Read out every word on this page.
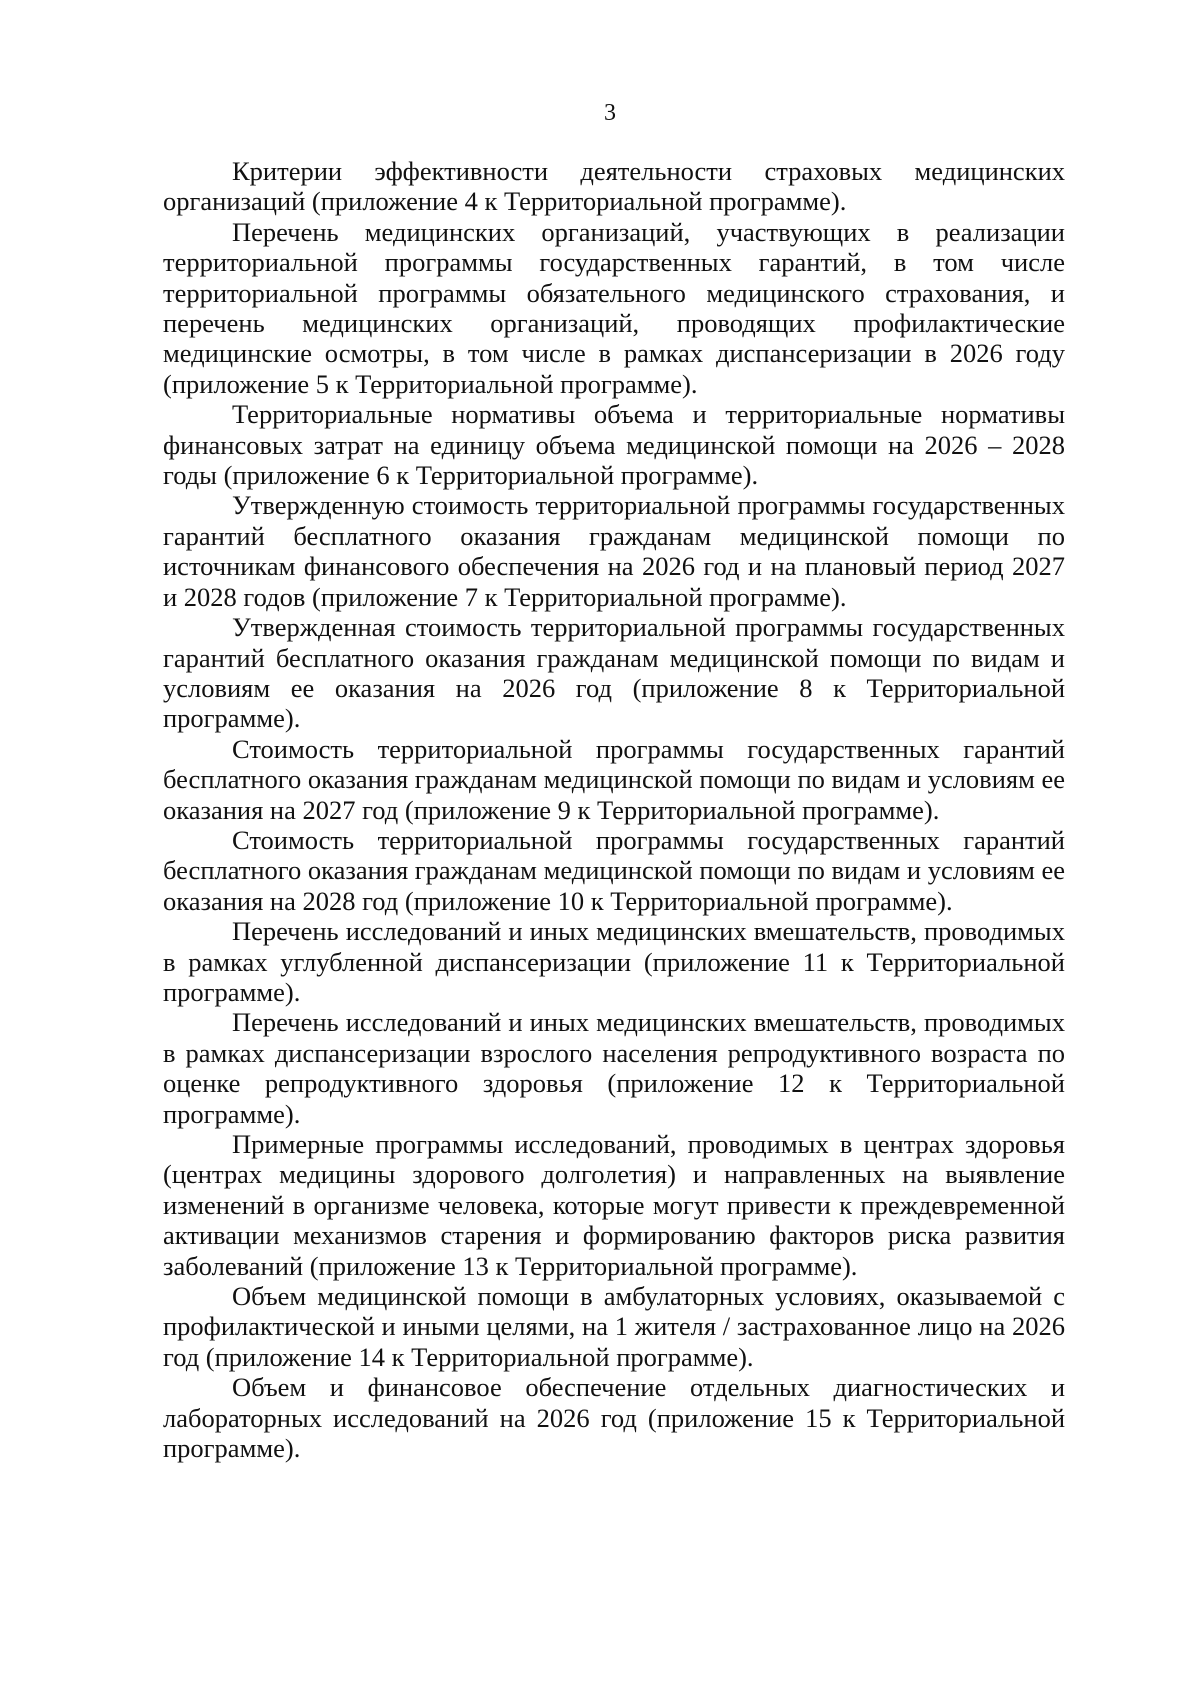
3

Критерии эффективности деятельности страховых медицинских организаций (приложение 4 к Территориальной программе).

Перечень медицинских организаций, участвующих в реализации территориальной программы государственных гарантий, в том числе территориальной программы обязательного медицинского страхования, и перечень медицинских организаций, проводящих профилактические медицинские осмотры, в том числе в рамках диспансеризации в 2026 году (приложение 5 к Территориальной программе).

Территориальные нормативы объема и территориальные нормативы финансовых затрат на единицу объема медицинской помощи на 2026 – 2028 годы (приложение 6 к Территориальной программе).

Утвержденную стоимость территориальной программы государственных гарантий бесплатного оказания гражданам медицинской помощи по источникам финансового обеспечения на 2026 год и на плановый период 2027 и 2028 годов (приложение 7 к Территориальной программе).

Утвержденная стоимость территориальной программы государственных гарантий бесплатного оказания гражданам медицинской помощи по видам и условиям ее оказания на 2026 год (приложение 8 к Территориальной программе).

Стоимость территориальной программы государственных гарантий бесплатного оказания гражданам медицинской помощи по видам и условиям ее оказания на 2027 год (приложение 9 к Территориальной программе).

Стоимость территориальной программы государственных гарантий бесплатного оказания гражданам медицинской помощи по видам и условиям ее оказания на 2028 год (приложение 10 к Территориальной программе).

Перечень исследований и иных медицинских вмешательств, проводимых в рамках углубленной диспансеризации (приложение 11 к Территориальной программе).

Перечень исследований и иных медицинских вмешательств, проводимых в рамках диспансеризации взрослого населения репродуктивного возраста по оценке репродуктивного здоровья (приложение 12 к Территориальной программе).

Примерные программы исследований, проводимых в центрах здоровья (центрах медицины здорового долголетия) и направленных на выявление изменений в организме человека, которые могут привести к преждевременной активации механизмов старения и формированию факторов риска развития заболеваний (приложение 13 к Территориальной программе).

Объем медицинской помощи в амбулаторных условиях, оказываемой с профилактической и иными целями, на 1 жителя / застрахованное лицо на 2026 год (приложение 14 к Территориальной программе).

Объем и финансовое обеспечение отдельных диагностических и лабораторных исследований на 2026 год (приложение 15 к Территориальной программе).
